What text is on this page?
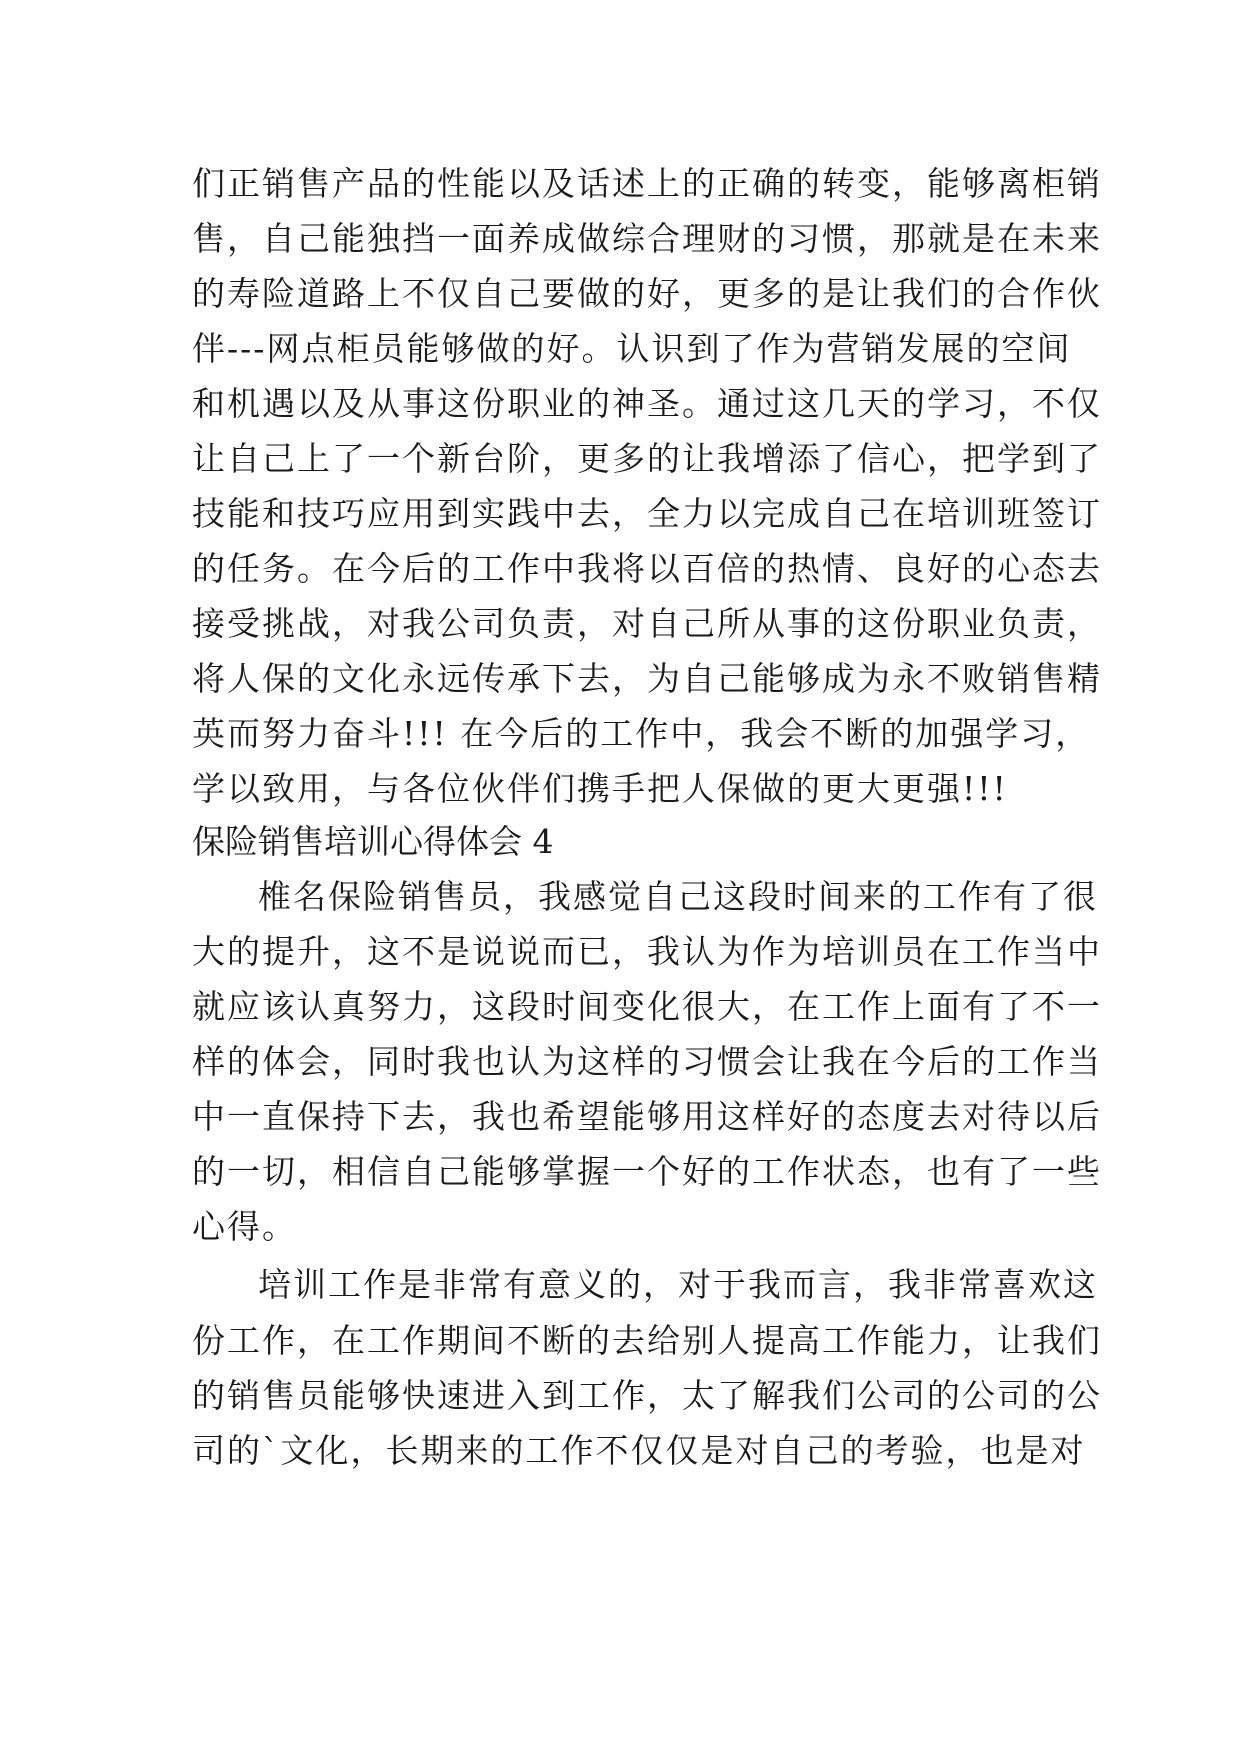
们正销售产品的性能以及话述上的正确的转变，能够离柜销
售，自己能独挡一面养成做综合理财的习惯，那就是在未来
的寿险道路上不仅自己要做的好，更多的是让我们的合作伙
伴---网点柜员能够做的好。认识到了作为营销发展的空间
和机遇以及从事这份职业的神圣。通过这几天的学习，不仅
让自己上了一个新台阶，更多的让我增添了信心，把学到了
技能和技巧应用到实践中去，全力以完成自己在培训班签订
的任务。在今后的工作中我将以百倍的热情、良好的心态去
接受挑战，对我公司负责，对自己所从事的这份职业负责，
将人保的文化永远传承下去，为自己能够成为永不败销售精
英而努力奋斗!!! 在今后的工作中，我会不断的加强学习，
学以致用，与各位伙伴们携手把人保做的更大更强!!!
保险销售培训心得体会 4
椎名保险销售员，我感觉自己这段时间来的工作有了很
大的提升，这不是说说而已，我认为作为培训员在工作当中
就应该认真努力，这段时间变化很大，在工作上面有了不一
样的体会，同时我也认为这样的习惯会让我在今后的工作当
中一直保持下去，我也希望能够用这样好的态度去对待以后
的一切，相信自己能够掌握一个好的工作状态，也有了一些
心得。
培训工作是非常有意义的，对于我而言，我非常喜欢这
份工作，在工作期间不断的去给别人提高工作能力，让我们
的销售员能够快速进入到工作，太了解我们公司的公司的公
司的`文化，长期来的工作不仅仅是对自己的考验，也是对
